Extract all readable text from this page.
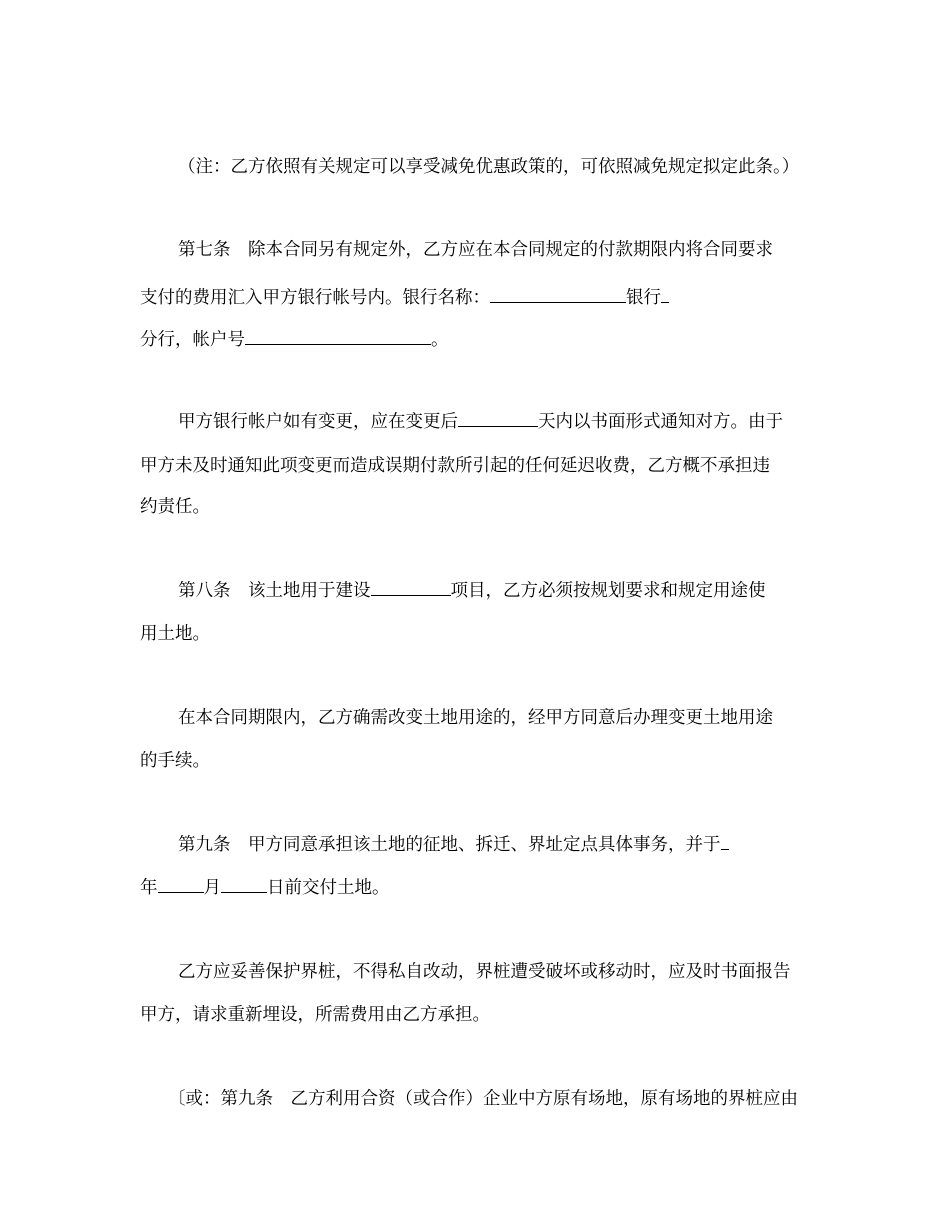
（注：乙方依照有关规定可以享受减免优惠政策的，可依照减免规定拟定此条。）
第七条　除本合同另有规定外，乙方应在本合同规定的付款期限内将合同要求
支付的费用汇入甲方银行帐号内。银行名称：	银行
分行，帐户号	。
甲方银行帐户如有变更，应在变更后	天内以书面形式通知对方。由于
甲方未及时通知此项变更而造成误期付款所引起的任何延迟收费，乙方概不承担违
约责任。
第八条　该土地用于建设	项目，乙方必须按规划要求和规定用途使
用土地。
在本合同期限内，乙方确需改变土地用途的，经甲方同意后办理变更土地用途
的手续。
第九条　甲方同意承担该土地的征地、拆迁、界址定点具体事务，并于
年	月	日前交付土地。
乙方应妥善保护界桩，不得私自改动，界桩遭受破坏或移动时，应及时书面报告
甲方，请求重新埋设，所需费用由乙方承担。
〔或：第九条　乙方利用合资（或合作）企业中方原有场地，原有场地的界桩应由
